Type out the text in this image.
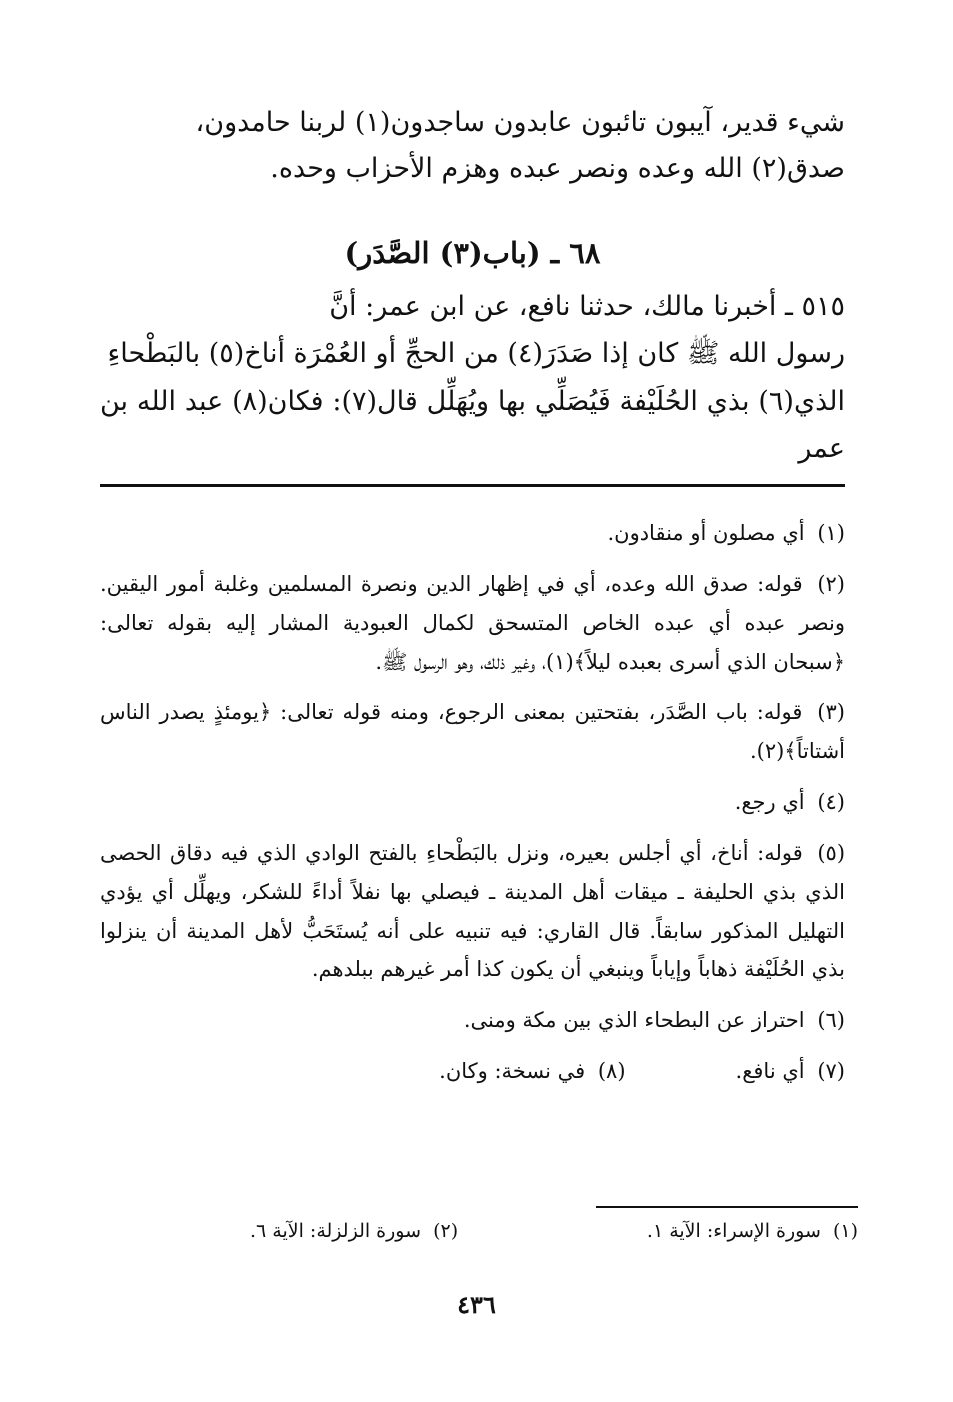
شيء قدير، آيبون تائبون عابدون ساجدون(١) لربنا حامدون،

صدق(٢) الله وعده ونصر عبده وهزم الأحزاب وحده.

٦٨ ـ (باب(٣) الصَّدَر)

٥١٥ ـ أخبرنا مالك، حدثنا نافع، عن ابن عمر: أنَّ

رسول الله ﷺ كان إذا صَدَرَ(٤) من الحجِّ أو العُمْرَة أناخ(٥) بالبَطْحاءِ

الذي(٦) بذي الحُلَيْفة فَيُصَلِّي بها ويُهَلِّل قال(٧): فكان(٨) عبد الله بن عمر

(١) أي مصلون أو منقادون.

(٢) قوله: صدق الله وعده، أي في إظهار الدين ونصرة المسلمين وغلبة أمور اليقين. ونصر عبده أي عبده الخاص المتسحق لكمال العبودية المشار إليه بقوله تعالى: ﴿سبحان الذي أسرى بعبده ليلاً﴾(١)، وغير ذلك، وهو الرسول ﷺ.

(٣) قوله: باب الصَّدَر، بفتحتين بمعنى الرجوع، ومنه قوله تعالى: ﴿يومئذٍ يصدر الناس أشتاتاً﴾(٢).

(٤) أي رجع.

(٥) قوله: أناخ، أي أجلس بعيره، ونزل بالبَطْحاءِ بالفتح الوادي الذي فيه دقاق الحصى الذي بذي الحليفة ـ ميقات أهل المدينة ـ فيصلي بها نفلاً أداءً للشكر، ويهلِّل أي يؤدي التهليل المذكور سابقاً. قال القاري: فيه تنبيه على أنه يُستَحَبُّ لأهل المدينة أن ينزلوا بذي الحُلَيْفة ذهاباً وإياباً وينبغي أن يكون كذا أمر غيرهم ببلدهم.

(٦) احتراز عن البطحاء الذي بين مكة ومنى.

(٧) أي نافع.
(٨) في نسخة: وكان.
(١) سورة الإسراء: الآية ١.
(٢) سورة الزلزلة: الآية ٦.
٤٣٦
